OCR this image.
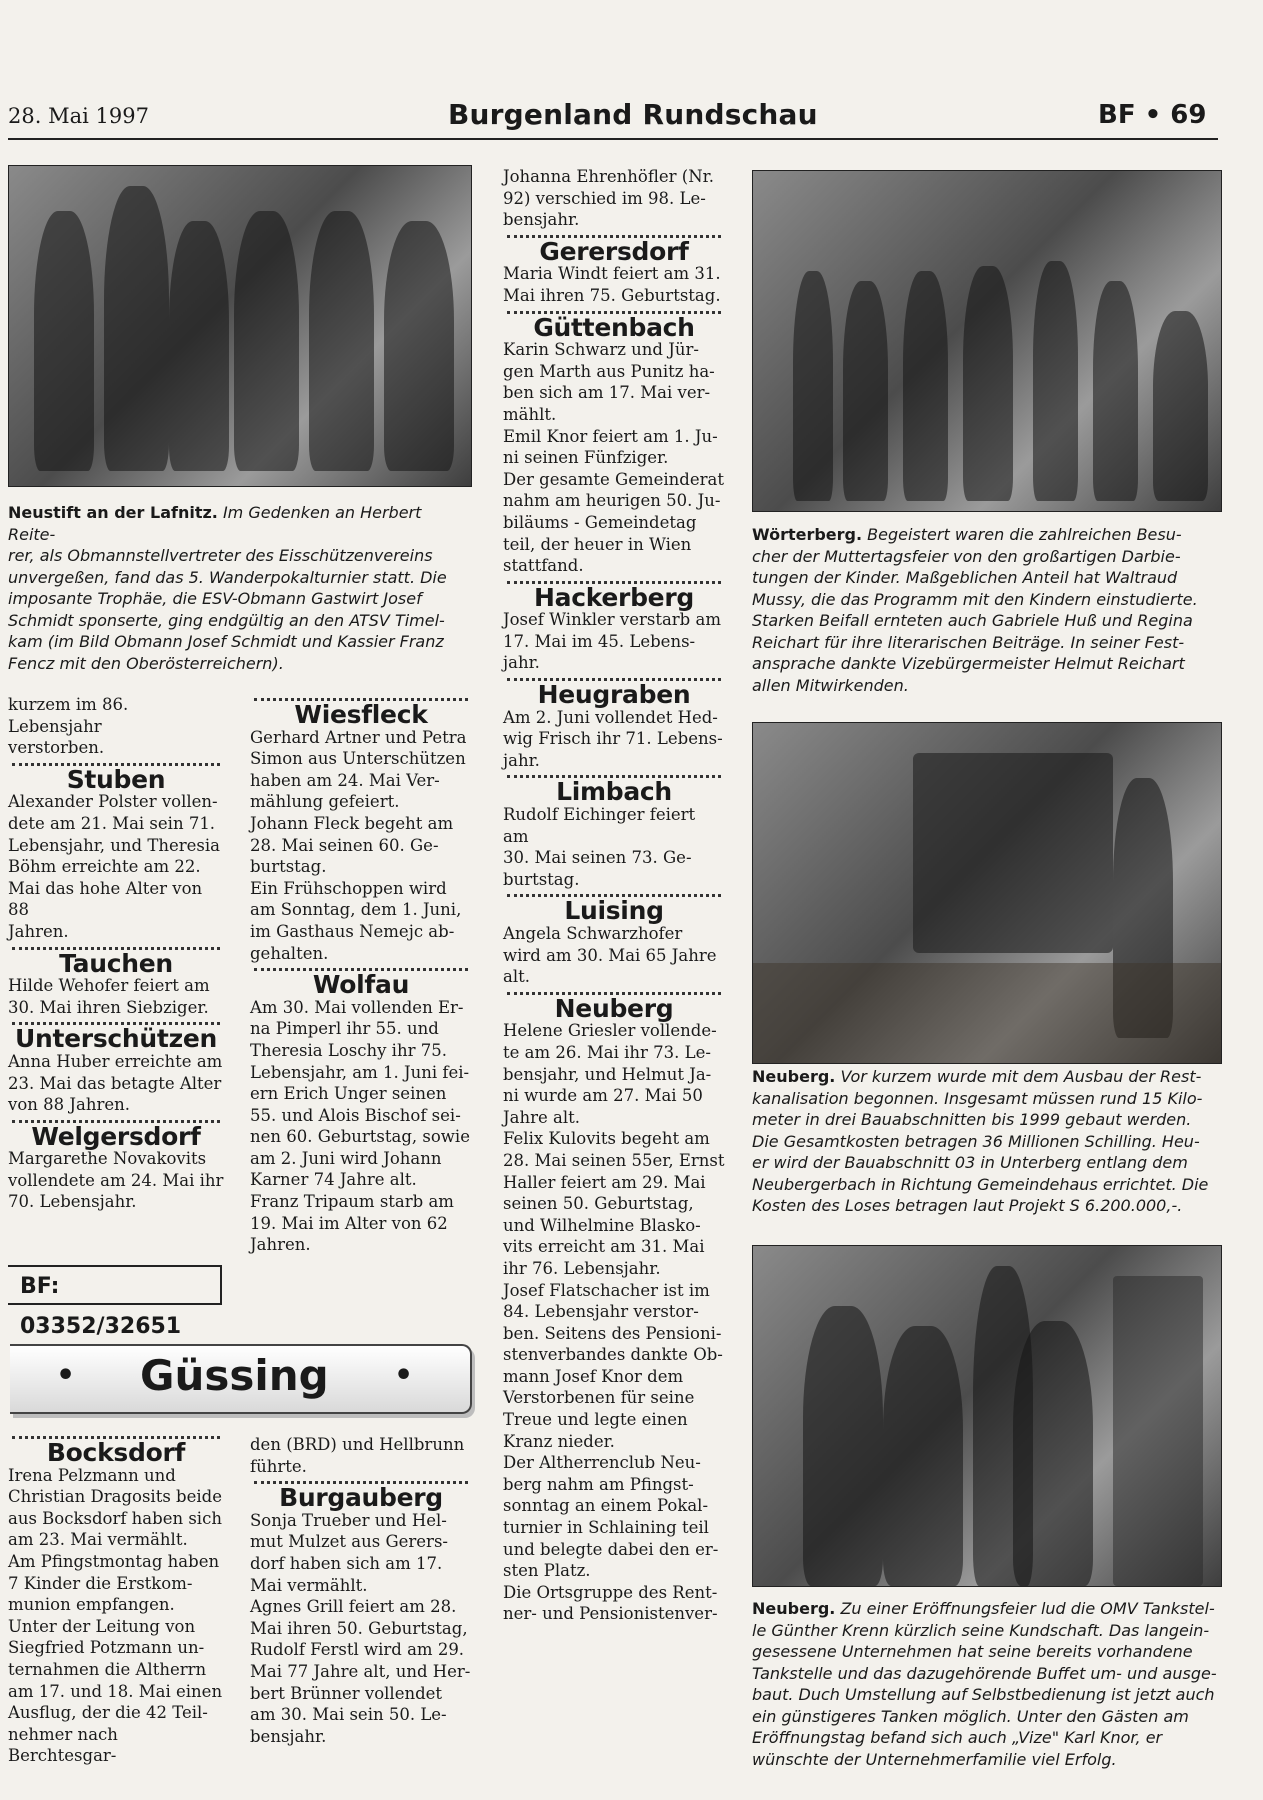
28. Mai 1997	Burgenland Rundschau	BF • 69
Neustift an der Lafnitz. Im Gedenken an Herbert Reite-
rer, als Obmannstellvertreter des Eisschützenvereins
unvergeßen, fand das 5. Wanderpokalturnier statt. Die
imposante Trophäe, die ESV-Obmann Gastwirt Josef
Schmidt sponserte, ging endgültig an den ATSV Timel-
kam (im Bild Obmann Josef Schmidt und Kassier Franz
Fencz mit den Oberösterreichern).

kurzem im 86. Lebensjahr

verstorben.

Stuben

Alexander Polster vollen-

dete am 21. Mai sein 71.

Lebensjahr, und Theresia

Böhm erreichte am 22.

Mai das hohe Alter von 88

Jahren.

Tauchen

Hilde Wehofer feiert am

30. Mai ihren Siebziger.

Unterschützen

Anna Huber erreichte am

23. Mai das betagte Alter

von 88 Jahren.

Welgersdorf

Margarethe Novakovits

vollendete am 24. Mai ihr

70. Lebensjahr.

BF: 03352/32651
Wiesfleck

Gerhard Artner und Petra

Simon aus Unterschützen

haben am 24. Mai Ver-

mählung gefeiert.

Johann Fleck begeht am

28. Mai seinen 60. Ge-

burtstag.

Ein Frühschoppen wird

am Sonntag, dem 1. Juni,

im Gasthaus Nemejc ab-

gehalten.

Wolfau

Am 30. Mai vollenden Er-

na Pimperl ihr 55. und

Theresia Loschy ihr 75.

Lebensjahr, am 1. Juni fei-

ern Erich Unger seinen

55. und Alois Bischof sei-

nen 60. Geburtstag, sowie

am 2. Juni wird Johann

Karner 74 Jahre alt.

Franz Tripaum starb am

19. Mai im Alter von 62

Jahren.

• Güssing •
Bocksdorf

Irena Pelzmann und

Christian Dragosits beide

aus Bocksdorf haben sich

am 23. Mai vermählt.

Am Pfingstmontag haben

7 Kinder die Erstkom-

munion empfangen.

Unter der Leitung von

Siegfried Potzmann un-

ternahmen die Altherrn

am 17. und 18. Mai einen

Ausflug, der die 42 Teil-

nehmer nach Berchtesgar-

den (BRD) und Hellbrunn

führte.

Burgauberg

Sonja Trueber und Hel-

mut Mulzet aus Gerers-

dorf haben sich am 17.

Mai vermählt.

Agnes Grill feiert am 28.

Mai ihren 50. Geburtstag,

Rudolf Ferstl wird am 29.

Mai 77 Jahre alt, und Her-

bert Brünner vollendet

am 30. Mai sein 50. Le-

bensjahr.

Johanna Ehrenhöfler (Nr.

92) verschied im 98. Le-

bensjahr.

Gerersdorf

Maria Windt feiert am 31.

Mai ihren 75. Geburtstag.

Güttenbach

Karin Schwarz und Jür-

gen Marth aus Punitz ha-

ben sich am 17. Mai ver-

mählt.

Emil Knor feiert am 1. Ju-

ni seinen Fünfziger.

Der gesamte Gemeinderat

nahm am heurigen 50. Ju-

biläums - Gemeindetag

teil, der heuer in Wien

stattfand.

Hackerberg

Josef Winkler verstarb am

17. Mai im 45. Lebens-

jahr.

Heugraben

Am 2. Juni vollendet Hed-

wig Frisch ihr 71. Lebens-

jahr.

Limbach

Rudolf Eichinger feiert am

30. Mai seinen 73. Ge-

burtstag.

Luising

Angela Schwarzhofer

wird am 30. Mai 65 Jahre

alt.

Neuberg

Helene Griesler vollende-

te am 26. Mai ihr 73. Le-

bensjahr, und Helmut Ja-

ni wurde am 27. Mai 50

Jahre alt.

Felix Kulovits begeht am

28. Mai seinen 55er, Ernst

Haller feiert am 29. Mai

seinen 50. Geburtstag,

und Wilhelmine Blasko-

vits erreicht am 31. Mai

ihr 76. Lebensjahr.

Josef Flatschacher ist im

84. Lebensjahr verstor-

ben. Seitens des Pensioni-

stenverbandes dankte Ob-

mann Josef Knor dem

Verstorbenen für seine

Treue und legte einen

Kranz nieder.

Der Altherrenclub Neu-

berg nahm am Pfingst-

sonntag an einem Pokal-

turnier in Schlaining teil

und belegte dabei den er-

sten Platz.

Die Ortsgruppe des Rent-

ner- und Pensionistenver-

Wörterberg. Begeistert waren die zahlreichen Besu-
cher der Muttertagsfeier von den großartigen Darbie-
tungen der Kinder. Maßgeblichen Anteil hat Waltraud
Mussy, die das Programm mit den Kindern einstudierte.
Starken Beifall ernteten auch Gabriele Huß und Regina
Reichart für ihre literarischen Beiträge. In seiner Fest-
ansprache dankte Vizebürgermeister Helmut Reichart
allen Mitwirkenden.
Neuberg. Vor kurzem wurde mit dem Ausbau der Rest-
kanalisation begonnen. Insgesamt müssen rund 15 Kilo-
meter in drei Bauabschnitten bis 1999 gebaut werden.
Die Gesamtkosten betragen 36 Millionen Schilling. Heu-
er wird der Bauabschnitt 03 in Unterberg entlang dem
Neubergerbach in Richtung Gemeindehaus errichtet. Die
Kosten des Loses betragen laut Projekt S 6.200.000,-.
Neuberg. Zu einer Eröffnungsfeier lud die OMV Tankstel-
le Günther Krenn kürzlich seine Kundschaft. Das langein-
gesessene Unternehmen hat seine bereits vorhandene
Tankstelle und das dazugehörende Buffet um- und ausge-
baut. Duch Umstellung auf Selbstbedienung ist jetzt auch
ein günstigeres Tanken möglich. Unter den Gästen am
Eröffnungstag befand sich auch „Vize" Karl Knor, er
wünschte der Unternehmerfamilie viel Erfolg.
